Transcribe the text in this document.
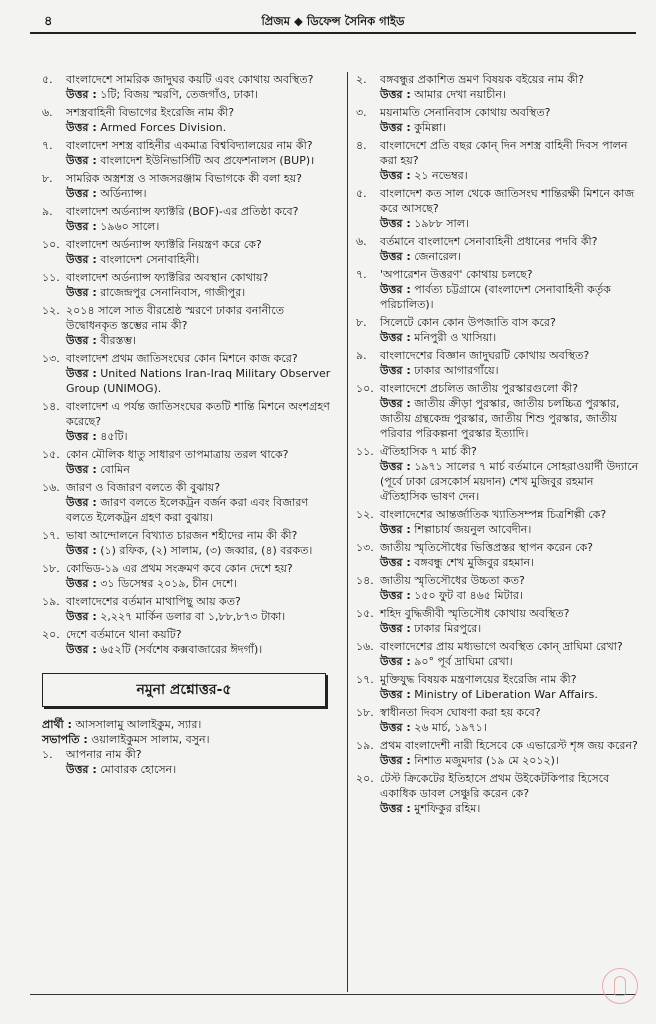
৪	প্রিজম ◆ ডিফেন্স সৈনিক গাইড
৫. বাংলাদেশে সামরিক জাদুঘর কয়টি এবং কোথায় অবস্থিত?
উত্তর : ১টি; বিজয় স্মরণি, তেজগাঁও, ঢাকা।
৬. সশস্ত্রবাহিনী বিভাগের ইংরেজি নাম কী?
উত্তর : Armed Forces Division.
৭. বাংলাদেশ সশস্ত্র বাহিনীর একমাত্র বিশ্ববিদ্যালয়ের নাম কী?
উত্তর : বাংলাদেশ ইউনিভার্সিটি অব প্রফেশনালস (BUP)।
৮. সামরিক অস্ত্রশস্ত্র ও সাজসরঞ্জাম বিভাগকে কী বলা হয়?
উত্তর : অর্ডিন্যান্স।
৯. বাংলাদেশ অর্ডন্যান্স ফ্যাক্টরি (BOF)-এর প্রতিষ্ঠা কবে?
উত্তর : ১৯৬০ সালে।
১০. বাংলাদেশ অর্ডন্যান্স ফ্যাক্টরি নিয়ন্ত্রণ করে কে?
উত্তর : বাংলাদেশ সেনাবাহিনী।
১১. বাংলাদেশ অর্ডন্যান্স ফ্যাক্টরির অবস্থান কোথায়?
উত্তর : রাজেন্দ্রপুর সেনানিবাস, গাজীপুর।
১২. ২০১৪ সালে সাত বীরশ্রেষ্ঠ স্মরণে ঢাকার বনানীতে উদ্বোধনকৃত স্তম্ভের নাম কী?
উত্তর : বীরস্তম্ভ।
১৩. বাংলাদেশ প্রথম জাতিসংঘের কোন মিশনে কাজ করে?
উত্তর : United Nations Iran-Iraq Military Observer Group (UNIMOG).
১৪. বাংলাদেশ এ পর্যন্ত জাতিসংঘের কতটি শান্তি মিশনে অংশগ্রহণ করেছে?
উত্তর : ৪৫টি।
১৫. কোন মৌলিক ধাতু সাধারণ তাপমাত্রায় তরল থাকে?
উত্তর : বোমিন
১৬. জারণ ও বিজারণ বলতে কী বুঝায়?
উত্তর : জারণ বলতে ইলেকট্রন বর্জন করা এবং বিজারণ বলতে ইলেকট্রন গ্রহণ করা বুঝায়।
১৭. ভাষা আন্দোলনে বিখ্যাত চারজন শহীদের নাম কী কী?
উত্তর : (১) রফিক, (২) সালাম, (৩) জব্বার, (৪) বরকত।
১৮. কোভিড-১৯ এর প্রথম সংক্রমণ কবে কোন দেশে হয়?
উত্তর : ৩১ ডিসেম্বর ২০১৯, চীন দেশে।
১৯. বাংলাদেশের বর্তমান মাথাপিছু আয় কত?
উত্তর : ২,২২৭ মার্কিন ডলার বা ১,৮৮,৮৭৩ টাকা।
২০. দেশে বর্তমানে থানা কয়টি?
উত্তর : ৬৫২টি (সর্বশেষ কক্সবাজারের ঈদগাঁ)।
নমুনা প্রশ্নোত্তর-৫
প্রার্থী : আসসালামু আলাইকুম, স্যার।
সভাপতি : ওয়ালাইকুমস সালাম, বসুন।
১. আপনার নাম কী?
উত্তর : মোবারক হোসেন।
২. বঙ্গবন্ধুর প্রকাশিত ভ্রমণ বিষয়ক বইয়ের নাম কী?
উত্তর : আমার দেখা নয়াচীন।
৩. ময়নামতি সেনানিবাস কোথায় অবস্থিত?
উত্তর : কুমিল্লা।
৪. বাংলাদেশে প্রতি বছর কোন্ দিন সশস্ত্র বাহিনী দিবস পালন করা হয়?
উত্তর : ২১ নভেম্বর।
৫. বাংলাদেশ কত সাল থেকে জাতিসংঘ শান্তিরক্ষী মিশনে কাজ করে আসছে?
উত্তর : ১৯৮৮ সাল।
৬. বর্তমানে বাংলাদেশ সেনাবাহিনী প্রধানের পদবি কী?
উত্তর : জেনারেল।
৭. 'অপারেশন উত্তরণ' কোথায় চলছে?
উত্তর : পার্বত্য চট্টগ্রামে (বাংলাদেশ সেনাবাহিনী কর্তৃক পরিচালিত)।
৮. সিলেটে কোন কোন উপজাতি বাস করে?
উত্তর : মনিপুরী ও খাসিয়া।
৯. বাংলাদেশের বিজ্ঞান জাদুঘরটি কোথায় অবস্থিত?
উত্তর : ঢাকার আগারগাঁয়ে।
১০. বাংলাদেশে প্রচলিত জাতীয় পুরস্কারগুলো কী?
উত্তর : জাতীয় ক্রীড়া পুরস্কার, জাতীয় চলচ্চিত্র পুরস্কার, জাতীয় গ্রন্থকেন্দ্র পুরস্কার, জাতীয় শিশু পুরস্কার, জাতীয় পরিবার পরিকল্পনা পুরস্কার ইত্যাদি।
১১. ঐতিহাসিক ৭ মার্চ কী?
উত্তর : ১৯৭১ সালের ৭ মার্চ বর্তমানে সোহরাওয়ার্দী উদ্যানে (পূর্বে ঢাকা রেসকোর্স ময়দান) শেখ মুজিবুর রহমান ঐতিহাসিক ভাষণ দেন।
১২. বাংলাদেশের আন্তর্জাতিক খ্যাতিসম্পন্ন চিত্রশিল্পী কে?
উত্তর : শিল্পাচার্য জয়নুল আবেদীন।
১৩. জাতীয় স্মৃতিসৌধের ভিত্তিপ্রস্তর স্থাপন করেন কে?
উত্তর : বঙ্গবন্ধু শেখ মুজিবুর রহমান।
১৪. জাতীয় স্মৃতিসৌধের উচ্চতা কত?
উত্তর : ১৫০ ফুট বা ৪৬৫ মিটার।
১৫. শহিদ বুদ্ধিজীবী স্মৃতিসৌধ কোথায় অবস্থিত?
উত্তর : ঢাকার মিরপুরে।
১৬. বাংলাদেশের প্রায় মধ্যভাগে অবস্থিত কোন্ দ্রাঘিমা রেখা?
উত্তর : ৯০° পূর্ব দ্রাঘিমা রেখা।
১৭. মুক্তিযুদ্ধ বিষয়ক মন্ত্রণালয়ের ইংরেজি নাম কী?
উত্তর : Ministry of Liberation War Affairs.
১৮. স্বাধীনতা দিবস ঘোষণা করা হয় কবে?
উত্তর : ২৬ মার্চ, ১৯৭১।
১৯. প্রথম বাংলাদেশী নারী হিসেবে কে এভারেস্ট শৃঙ্গ জয় করেন?
উত্তর : নিশাত মজুমদার (১৯ মে ২০১২)।
২০. টেস্ট ক্রিকেটের ইতিহাসে প্রথম উইকেটকিপার হিসেবে একাধিক ডাবল সেঞ্চুরি করেন কে?
উত্তর : মুশফিকুর রহিম।
